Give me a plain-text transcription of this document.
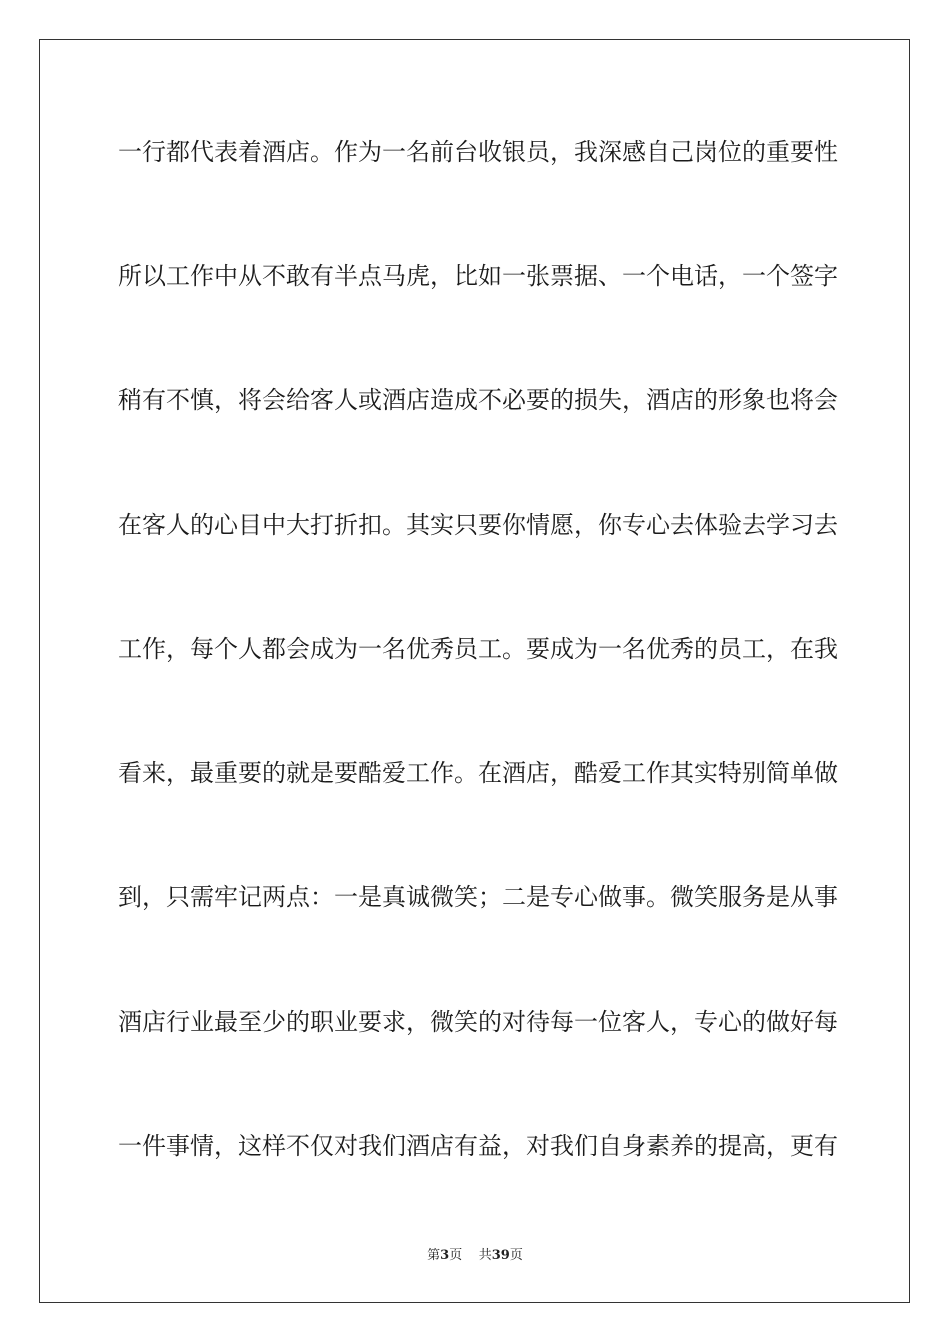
一行都代表着酒店。作为一名前台收银员，我深感自己岗位的重要性
所以工作中从不敢有半点马虎，比如一张票据、一个电话，一个签字
稍有不慎，将会给客人或酒店造成不必要的损失，酒店的形象也将会
在客人的心目中大打折扣。其实只要你情愿，你专心去体验去学习去
工作，每个人都会成为一名优秀员工。要成为一名优秀的员工，在我
看来，最重要的就是要酷爱工作。在酒店，酷爱工作其实特别简单做
到，只需牢记两点：一是真诚微笑；二是专心做事。微笑服务是从事
酒店行业最至少的职业要求，微笑的对待每一位客人，专心的做好每
一件事情，这样不仅对我们酒店有益，对我们自身素养的提高，更有
第3页 共39页
